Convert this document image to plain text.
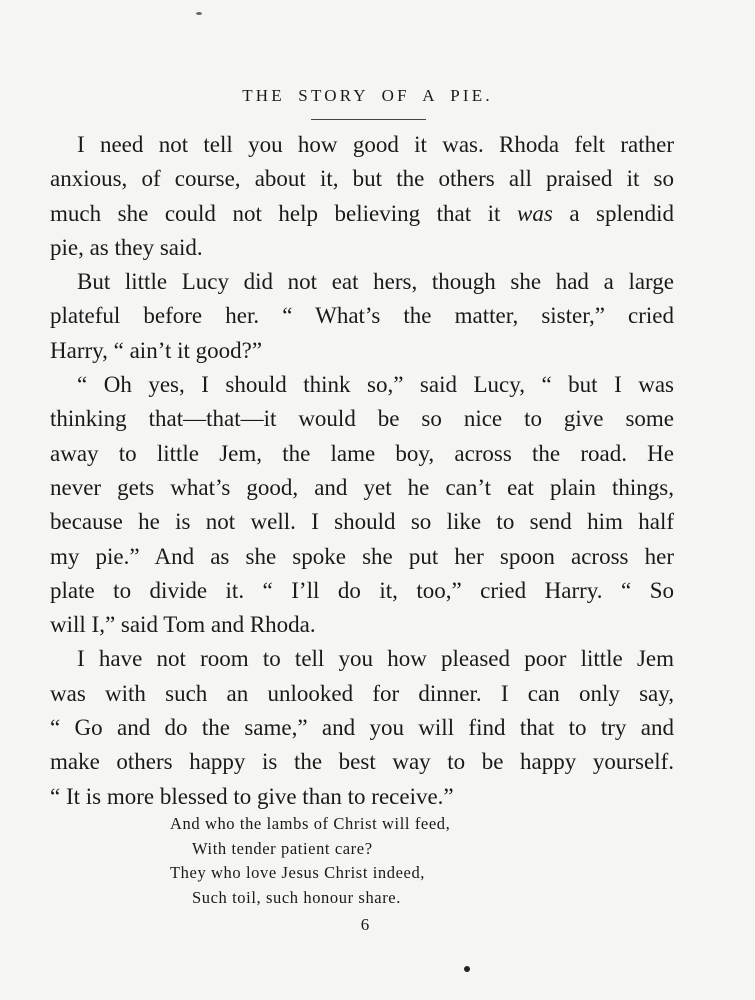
THE STORY OF A PIE.
I need not tell you how good it was. Rhoda felt rather
anxious, of course, about it, but the others all praised it so
much she could not help believing that it was a splendid
pie, as they said.
But little Lucy did not eat hers, though she had a large
plateful before her. “ What’s the matter, sister,” cried
Harry, “ ain’t it good?”
“ Oh yes, I should think so,” said Lucy, “ but I was
thinking that—that—it would be so nice to give some
away to little Jem, the lame boy, across the road. He
never gets what’s good, and yet he can’t eat plain things,
because he is not well. I should so like to send him half
my pie.” And as she spoke she put her spoon across her
plate to divide it. “ I’ll do it, too,” cried Harry. “ So
will I,” said Tom and Rhoda.
I have not room to tell you how pleased poor little Jem
was with such an unlooked for dinner. I can only say,
“ Go and do the same,” and you will find that to try and
make others happy is the best way to be happy yourself.
“ It is more blessed to give than to receive.”
And who the lambs of Christ will feed,
With tender patient care?
They who love Jesus Christ indeed,
Such toil, such honour share.
6
